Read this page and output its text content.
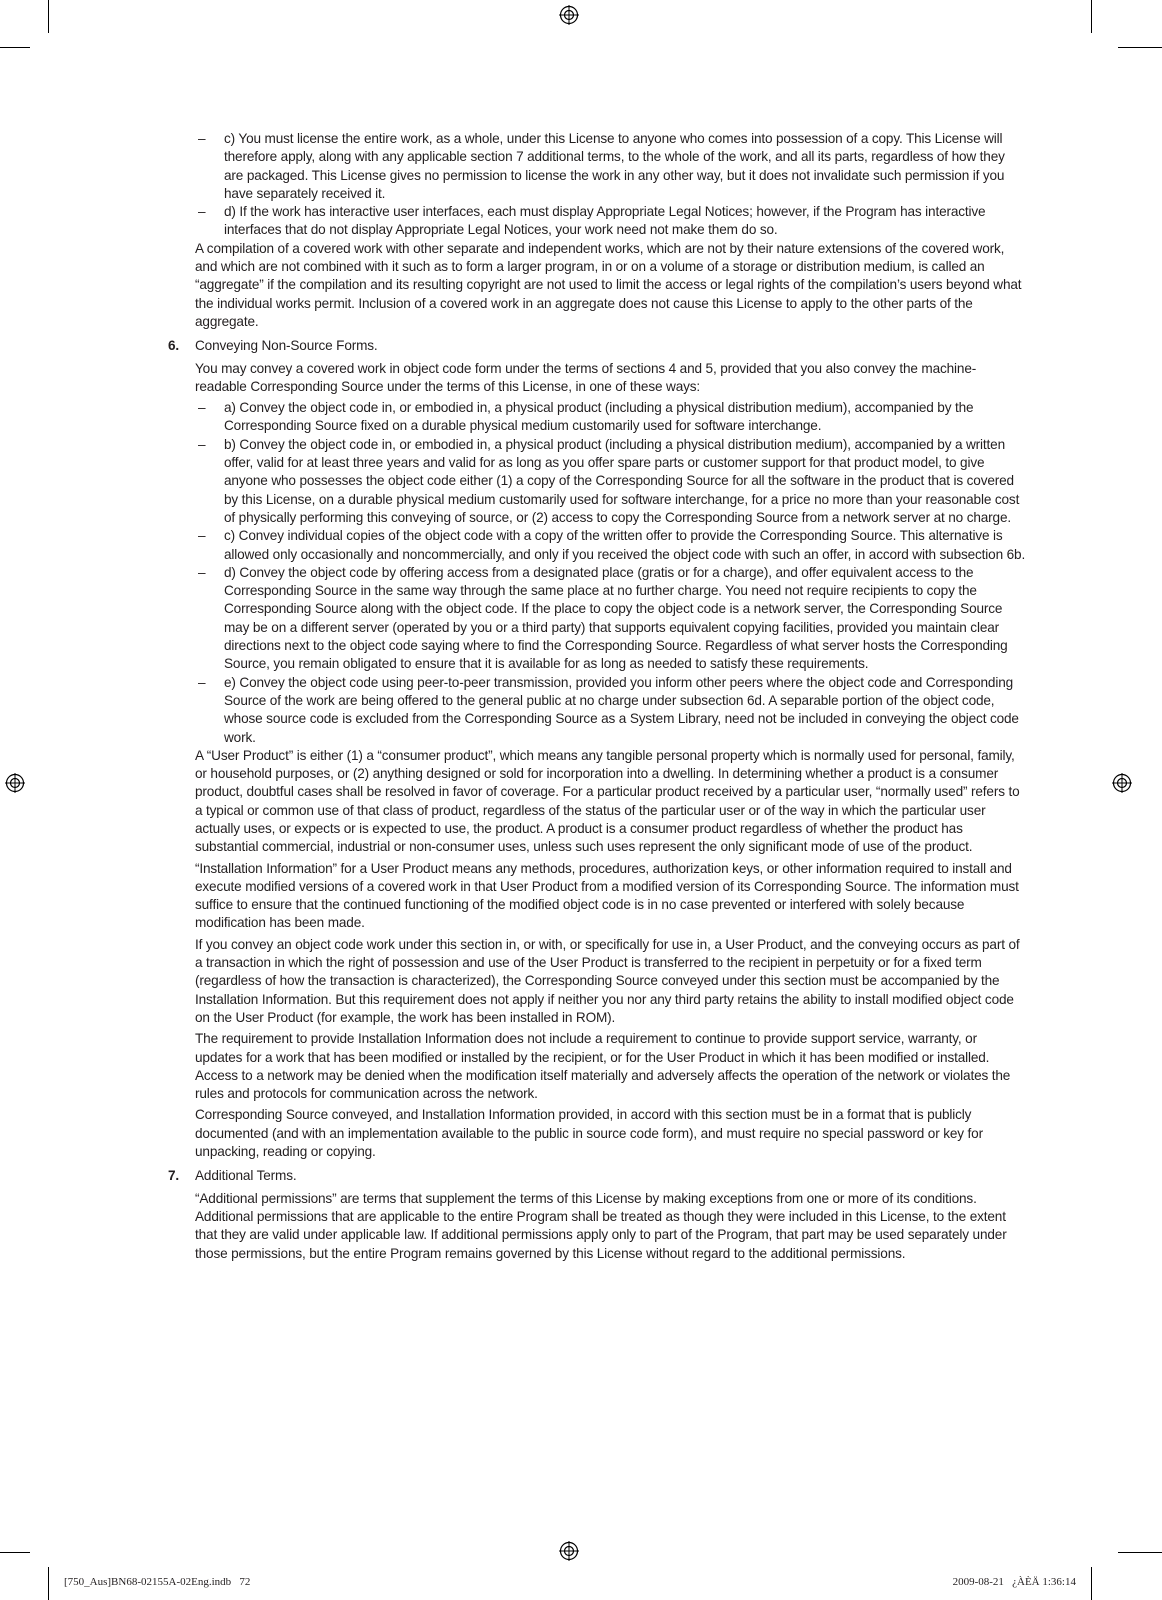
– c) You must license the entire work, as a whole, under this License to anyone who comes into possession of a copy. This License will therefore apply, along with any applicable section 7 additional terms, to the whole of the work, and all its parts, regardless of how they are packaged. This License gives no permission to license the work in any other way, but it does not invalidate such permission if you have separately received it.
– d) If the work has interactive user interfaces, each must display Appropriate Legal Notices; however, if the Program has interactive interfaces that do not display Appropriate Legal Notices, your work need not make them do so.

A compilation of a covered work with other separate and independent works, which are not by their nature extensions of the covered work, and which are not combined with it such as to form a larger program, in or on a volume of a storage or distribution medium, is called an “aggregate” if the compilation and its resulting copyright are not used to limit the access or legal rights of the compilation’s users beyond what the individual works permit. Inclusion of a covered work in an aggregate does not cause this License to apply to the other parts of the aggregate.

6. Conveying Non-Source Forms.

You may convey a covered work in object code form under the terms of sections 4 and 5, provided that you also convey the machine-readable Corresponding Source under the terms of this License, in one of these ways:

– a) Convey the object code in, or embodied in, a physical product (including a physical distribution medium), accompanied by the Corresponding Source fixed on a durable physical medium customarily used for software interchange.
– b) Convey the object code in, or embodied in, a physical product (including a physical distribution medium), accompanied by a written offer, valid for at least three years and valid for as long as you offer spare parts or customer support for that product model, to give anyone who possesses the object code either (1) a copy of the Corresponding Source for all the software in the product that is covered by this License, on a durable physical medium customarily used for software interchange, for a price no more than your reasonable cost of physically performing this conveying of source, or (2) access to copy the Corresponding Source from a network server at no charge.
– c) Convey individual copies of the object code with a copy of the written offer to provide the Corresponding Source. This alternative is allowed only occasionally and noncommercially, and only if you received the object code with such an offer, in accord with subsection 6b.
– d) Convey the object code by offering access from a designated place (gratis or for a charge), and offer equivalent access to the Corresponding Source in the same way through the same place at no further charge. You need not require recipients to copy the Corresponding Source along with the object code. If the place to copy the object code is a network server, the Corresponding Source may be on a different server (operated by you or a third party) that supports equivalent copying facilities, provided you maintain clear directions next to the object code saying where to find the Corresponding Source. Regardless of what server hosts the Corresponding Source, you remain obligated to ensure that it is available for as long as needed to satisfy these requirements.
– e) Convey the object code using peer-to-peer transmission, provided you inform other peers where the object code and Corresponding Source of the work are being offered to the general public at no charge under subsection 6d. A separable portion of the object code, whose source code is excluded from the Corresponding Source as a System Library, need not be included in conveying the object code work.

A “User Product” is either (1) a “consumer product”, which means any tangible personal property which is normally used for personal, family, or household purposes, or (2) anything designed or sold for incorporation into a dwelling. In determining whether a product is a consumer product, doubtful cases shall be resolved in favor of coverage. For a particular product received by a particular user, “normally used” refers to a typical or common use of that class of product, regardless of the status of the particular user or of the way in which the particular user actually uses, or expects or is expected to use, the product. A product is a consumer product regardless of whether the product has substantial commercial, industrial or non-consumer uses, unless such uses represent the only significant mode of use of the product.

“Installation Information” for a User Product means any methods, procedures, authorization keys, or other information required to install and execute modified versions of a covered work in that User Product from a modified version of its Corresponding Source. The information must suffice to ensure that the continued functioning of the modified object code is in no case prevented or interfered with solely because modification has been made.

If you convey an object code work under this section in, or with, or specifically for use in, a User Product, and the conveying occurs as part of a transaction in which the right of possession and use of the User Product is transferred to the recipient in perpetuity or for a fixed term (regardless of how the transaction is characterized), the Corresponding Source conveyed under this section must be accompanied by the Installation Information. But this requirement does not apply if neither you nor any third party retains the ability to install modified object code on the User Product (for example, the work has been installed in ROM).

The requirement to provide Installation Information does not include a requirement to continue to provide support service, warranty, or updates for a work that has been modified or installed by the recipient, or for the User Product in which it has been modified or installed. Access to a network may be denied when the modification itself materially and adversely affects the operation of the network or violates the rules and protocols for communication across the network.

Corresponding Source conveyed, and Installation Information provided, in accord with this section must be in a format that is publicly documented (and with an implementation available to the public in source code form), and must require no special password or key for unpacking, reading or copying.

7. Additional Terms.

“Additional permissions” are terms that supplement the terms of this License by making exceptions from one or more of its conditions. Additional permissions that are applicable to the entire Program shall be treated as though they were included in this License, to the extent that they are valid under applicable law. If additional permissions apply only to part of the Program, that part may be used separately under those permissions, but the entire Program remains governed by this License without regard to the additional permissions.

[750_Aus]BN68-02155A-02Eng.indb   72	2009-08-21   ¿ÀÈÄ 1:36:14
